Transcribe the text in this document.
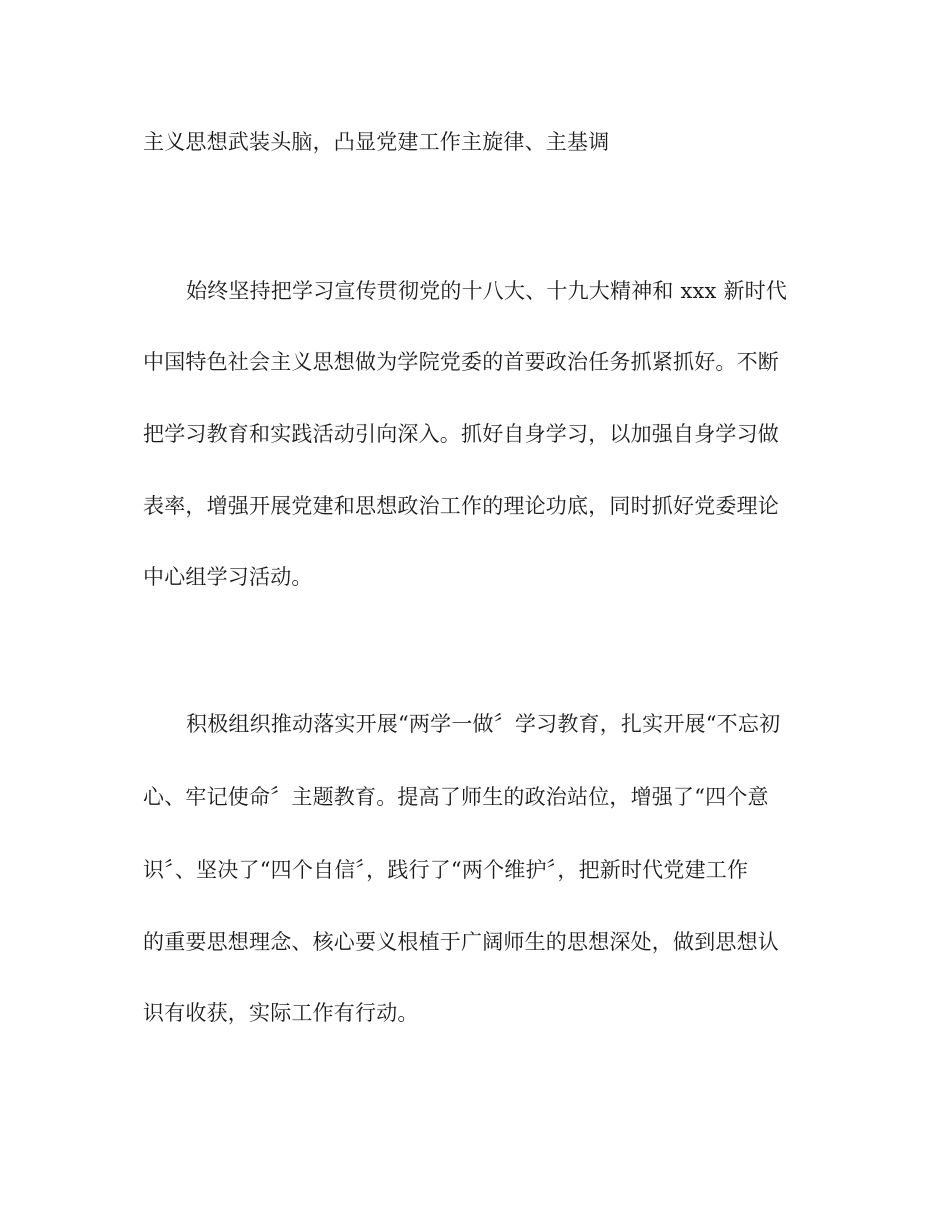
主义思想武装头脑，凸显党建工作主旋律、主基调
始终坚持把学习宣传贯彻党的十八大、十九大精神和 xxx 新时代
中国特色社会主义思想做为学院党委的首要政治任务抓紧抓好。不断
把学习教育和实践活动引向深入。抓好自身学习，以加强自身学习做
表率，增强开展党建和思想政治工作的理论功底，同时抓好党委理论
中心组学习活动。
积极组织推动落实开展“两学一做〞学习教育，扎实开展“不忘初
心、牢记使命〞主题教育。提高了师生的政治站位，增强了“四个意
识〞、坚决了“四个自信〞，践行了“两个维护〞，把新时代党建工作
的重要思想理念、核心要义根植于广阔师生的思想深处，做到思想认
识有收获，实际工作有行动。
